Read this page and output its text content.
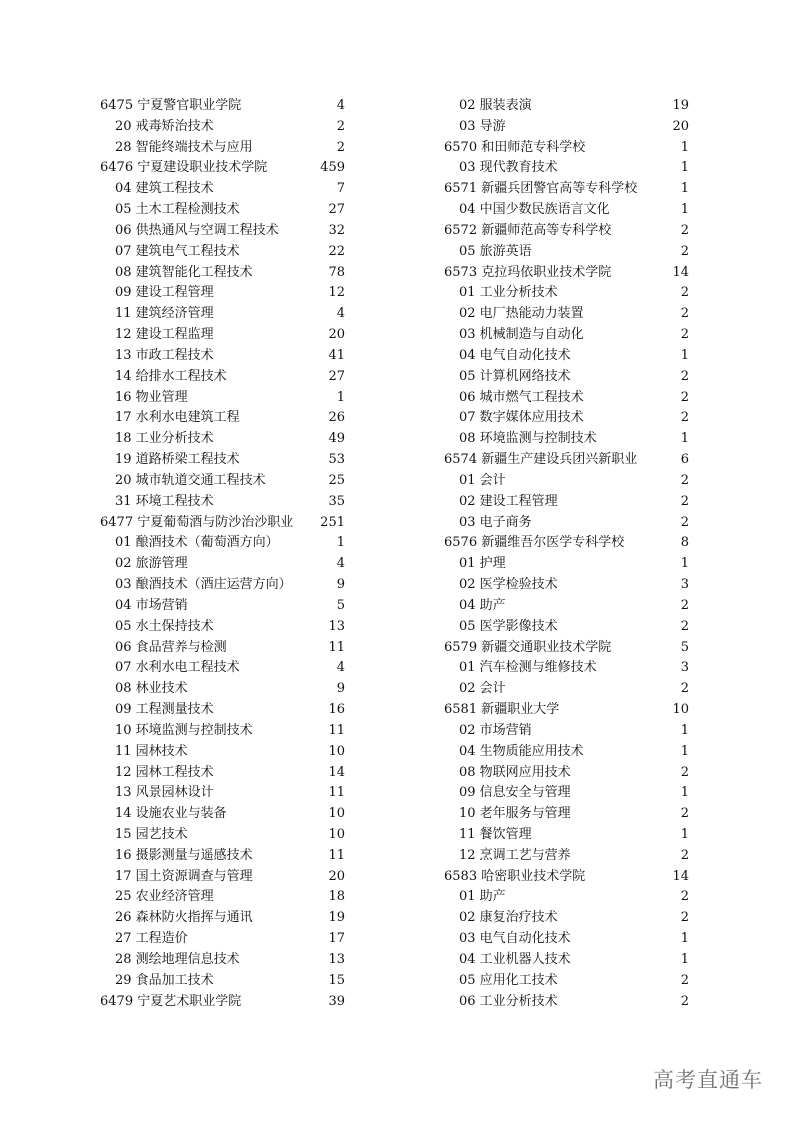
6475 宁夏警官职业学院	4
20 戒毒矫治技术	2
28 智能终端技术与应用	2
6476 宁夏建设职业技术学院	459
04 建筑工程技术	7
05 土木工程检测技术	27
06 供热通风与空调工程技术	32
07 建筑电气工程技术	22
08 建筑智能化工程技术	78
09 建设工程管理	12
11 建筑经济管理	4
12 建设工程监理	20
13 市政工程技术	41
14 给排水工程技术	27
16 物业管理	1
17 水利水电建筑工程	26
18 工业分析技术	49
19 道路桥梁工程技术	53
20 城市轨道交通工程技术	25
31 环境工程技术	35
6477 宁夏葡萄酒与防沙治沙职业	251
01 酿酒技术（葡萄酒方向）	1
02 旅游管理	4
03 酿酒技术（酒庄运营方向）	9
04 市场营销	5
05 水土保持技术	13
06 食品营养与检测	11
07 水利水电工程技术	4
08 林业技术	9
09 工程测量技术	16
10 环境监测与控制技术	11
11 园林技术	10
12 园林工程技术	14
13 风景园林设计	11
14 设施农业与装备	10
15 园艺技术	10
16 摄影测量与遥感技术	11
17 国土资源调查与管理	20
25 农业经济管理	18
26 森林防火指挥与通讯	19
27 工程造价	17
28 测绘地理信息技术	13
29 食品加工技术	15
6479 宁夏艺术职业学院	39
02 服装表演	19
03 导游	20
6570 和田师范专科学校	1
03 现代教育技术	1
6571 新疆兵团警官高等专科学校	1
04 中国少数民族语言文化	1
6572 新疆师范高等专科学校	2
05 旅游英语	2
6573 克拉玛依职业技术学院	14
01 工业分析技术	2
02 电厂热能动力装置	2
03 机械制造与自动化	2
04 电气自动化技术	1
05 计算机网络技术	2
06 城市燃气工程技术	2
07 数字媒体应用技术	2
08 环境监测与控制技术	1
6574 新疆生产建设兵团兴新职业	6
01 会计	2
02 建设工程管理	2
03 电子商务	2
6576 新疆维吾尔医学专科学校	8
01 护理	1
02 医学检验技术	3
04 助产	2
05 医学影像技术	2
6579 新疆交通职业技术学院	5
01 汽车检测与维修技术	3
02 会计	2
6581 新疆职业大学	10
02 市场营销	1
04 生物质能应用技术	1
08 物联网应用技术	2
09 信息安全与管理	1
10 老年服务与管理	2
11 餐饮管理	1
12 烹调工艺与营养	2
6583 哈密职业技术学院	14
01 助产	2
02 康复治疗技术	2
03 电气自动化技术	1
04 工业机器人技术	1
05 应用化工技术	2
06 工业分析技术	2
高考直通车
